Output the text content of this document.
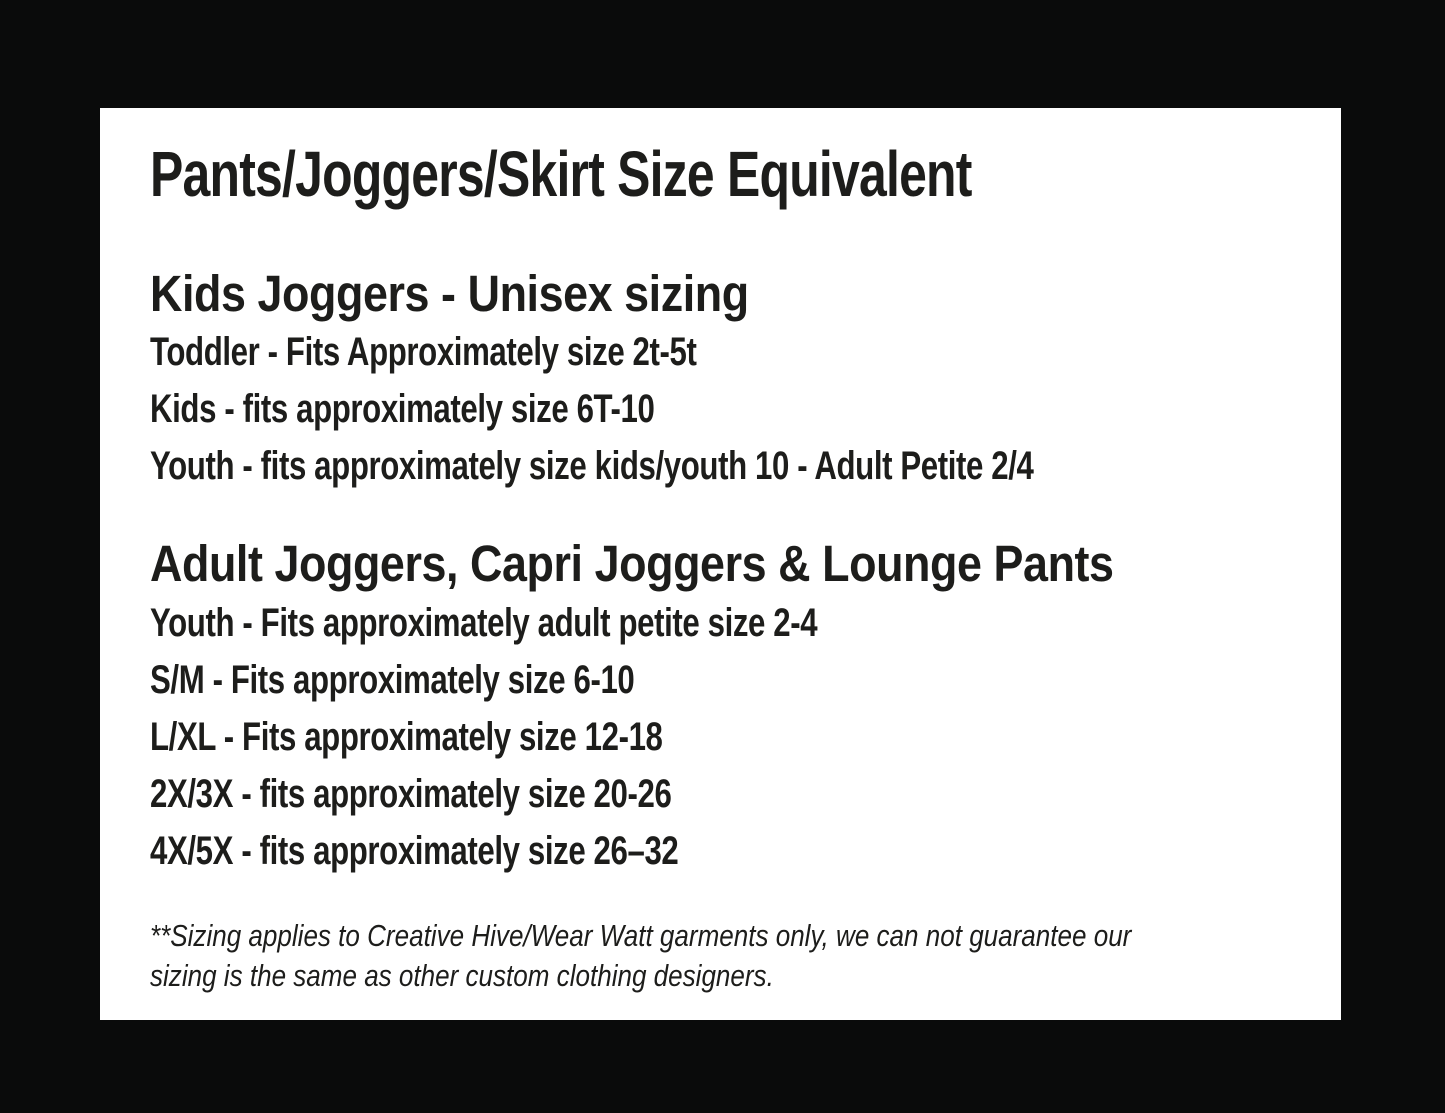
Pants/Joggers/Skirt Size Equivalent
Kids Joggers - Unisex sizing
Toddler - Fits Approximately size 2t-5t
Kids - fits approximately size 6T-10
Youth - fits approximately size kids/youth 10 - Adult Petite 2/4
Adult Joggers, Capri Joggers & Lounge Pants
Youth - Fits approximately adult petite size 2-4
S/M - Fits approximately size 6-10
L/XL - Fits approximately size 12-18
2X/3X - fits approximately size 20-26
4X/5X - fits approximately size 26–32

**Sizing applies to Creative Hive/Wear Watt garments only, we can not guarantee our sizing is the same as other custom clothing designers.
